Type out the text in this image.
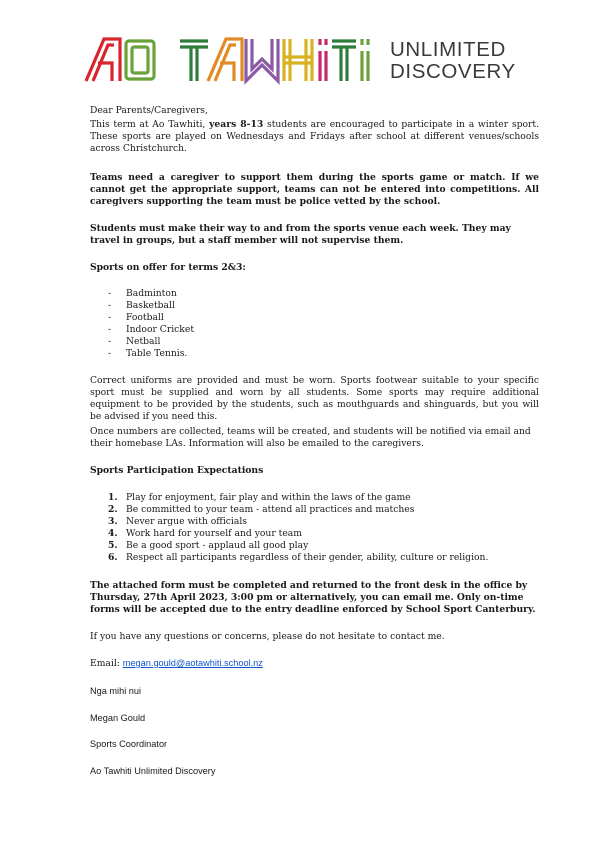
UNLIMITED
DISCOVERY
Dear Parents/Caregivers,
This term at Ao Tawhiti, years 8-13 students are encouraged to participate in a winter sport. These sports are played on Wednesdays and Fridays after school at different venues/schools across Christchurch.
Teams need a caregiver to support them during the sports game or match. If we cannot get the appropriate support, teams can not be entered into competitions. All caregivers supporting the team must be police vetted by the school.
Students must make their way to and from the sports venue each week. They may travel in groups, but a staff member will not supervise them.
Sports on offer for terms 2&3:
- Badminton
- Basketball
- Football
- Indoor Cricket
- Netball
- Table Tennis.
Correct uniforms are provided and must be worn. Sports footwear suitable to your specific sport must be supplied and worn by all students. Some sports may require additional equipment to be provided by the students, such as mouthguards and shinguards, but you will be advised if you need this.
Once numbers are collected, teams will be created, and students will be notified via email and their homebase LAs. Information will also be emailed to the caregivers.
Sports Participation Expectations
1. Play for enjoyment, fair play and within the laws of the game
2. Be committed to your team - attend all practices and matches
3. Never argue with officials
4. Work hard for yourself and your team
5. Be a good sport - applaud all good play
6. Respect all participants regardless of their gender, ability, culture or religion.
The attached form must be completed and returned to the front desk in the office by Thursday, 27th April 2023, 3:00 pm or alternatively, you can email me. Only on-time forms will be accepted due to the entry deadline enforced by School Sport Canterbury.
If you have any questions or concerns, please do not hesitate to contact me.
Email: megan.gould@aotawhiti.school.nz
Nga mihi nui
Megan Gould
Sports Coordinator
Ao Tawhiti Unlimited Discovery
